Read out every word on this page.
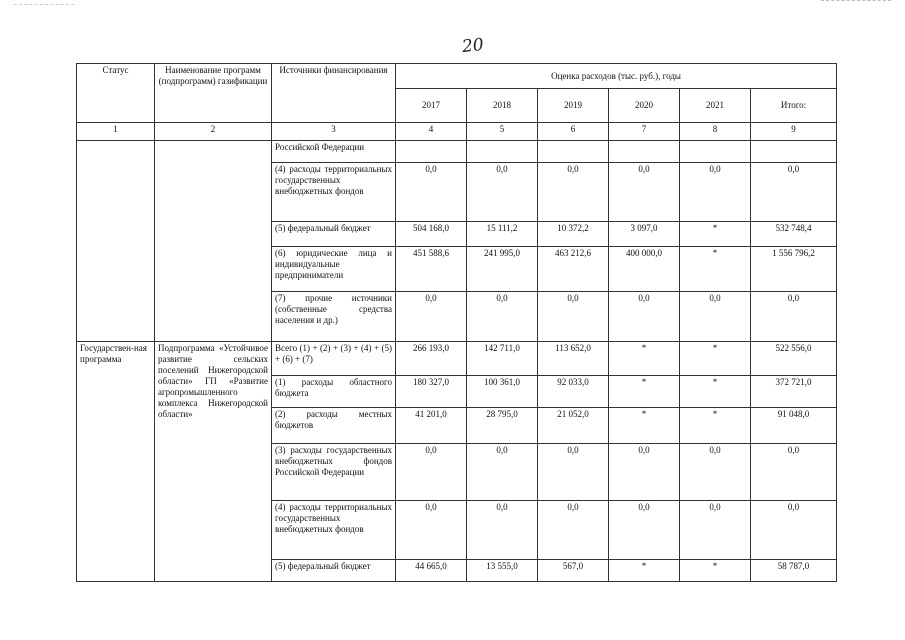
20
Статус	Наименование программ (подпрограмм) газификации	Источники финансирования	Оценка расходов (тыс. руб.), годы					
			2017	2018	2019	2020	2021	Итого:
1	2	3	4	5	6	7	8	9
		Российской Федерации						
		(4) расходы территориальных государственных внебюджетных фондов	0,0	0,0	0,0	0,0	0,0	0,0
		(5) федеральный бюджет	504 168,0	15 111,2	10 372,2	3 097,0	*	532 748,4
		(6) юридические лица и индивидуальные предприниматели	451 588,6	241 995,0	463 212,6	400 000,0	*	1 556 796,2
		(7) прочие источники (собственные средства населения и др.)	0,0	0,0	0,0	0,0	0,0	0,0
Государствен-ная программа	Подпрограмма «Устойчивое развитие сельских поселений Нижегородской области» ГП «Развитие агропромышленного комплекса Нижегородской области»	Всего (1) + (2) + (3) + (4) + (5) + (6) + (7)	266 193,0	142 711,0	113 652,0	*	*	522 556,0
		(1) расходы областного бюджета	180 327,0	100 361,0	92 033,0	*	*	372 721,0
		(2) расходы местных бюджетов	41 201,0	28 795,0	21 052,0	*	*	91 048,0
		(3) расходы государственных внебюджетных фондов Российской Федерации	0,0	0,0	0,0	0,0	0,0	0,0
		(4) расходы территориальных государственных внебюджетных фондов	0,0	0,0	0,0	0,0	0,0	0,0
		(5) федеральный бюджет	44 665,0	13 555,0	567,0	*	*	58 787,0
